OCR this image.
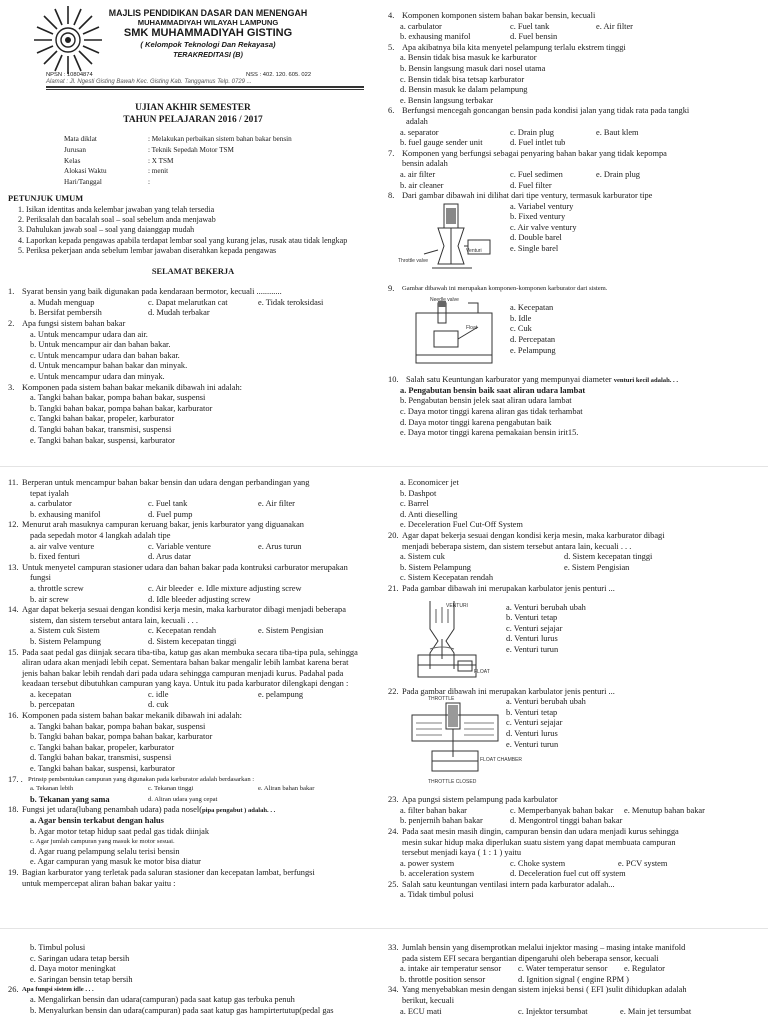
MAJLIS PENDIDIKAN DASAR DAN MENENGAH
MUHAMMADIYAH WILAYAH LAMPUNG
SMK MUHAMMADIYAH GISTING
( Kelompok Teknologi Dan Rekayasa)
TERAKREDITASI (B)
NPSN : 10804874	NSS : 402. 120. 605. 022
Alamat : Jl. Ngesti Gisting Bawah Kec. Gisting Kab. Tanggamus Telp. 0729 ...
UJIAN AKHIR SEMESTER
TAHUN PELAJARAN 2016 / 2017
Mata diklat	: Melakukan perbaikan sistem bahan bakar bensin
Jurusan	: Teknik Sepedah Motor TSM
Kelas	: X TSM
Alokasi Waktu	: menit
Hari/Tanggal	:
PETUNJUK UMUM
1. Isikan identitas anda kelembar jawaban yang telah tersedia
2. Periksalah dan bacalah soal – soal sebelum anda menjawab
3. Dahulukan jawab soal – soal yang daianggap mudah
4. Laporkan kepada pengawas apabila terdapat lembar soal yang kurang jelas, rusak atau tidak lengkap
5. Periksa pekerjaan anda sebelum lembar jawaban diserahkan kepada pengawas
SELAMAT BEKERJA
1. Syarat bensin yang baik digunakan pada kendaraan bermotor, kecuali ............
a. Mudah menguap	c. Dapat melarutkan cat	e. Tidak teroksidasi
b. Bersifat pembersih	d. Mudah terbakar
2. Apa fungsi sistem bahan bakar
a. Untuk mencampur udara dan air.
b. Untuk mencampur air dan bahan bakar.
c. Untuk mencampur udara dan bahan bakar.
d. Untuk mencampur bahan bakar dan minyak.
e. Untuk mencampur udara dan minyak.
3. Komponen pada sistem bahan bakar mekanik dibawah ini adalah:
a. Tangki bahan bakar, pompa bahan bakar, suspensi
b. Tangki bahan bakar, pompa bahan bakar, karburator
c. Tangki bahan bakar, propeler, karburator
d. Tangki bahan bakar, transmisi, suspensi
e. Tangki bahan bakar, suspensi, karburator
11. Berperan untuk mencampur bahan bakar bensin dan udara dengan perbandingan yang
tepat iyalah
a. carbulator	c. Fuel tank	e. Air filter
b. exhausing manifol	d. Fuel pump
12. Menurut arah masuknya campuran keruang bakar, jenis karburator yang diguanakan
pada sepedah motor 4 langkah adalah tipe
a. air valve venture	c. Variable venture	e. Arus turun
b. fixed fenturi	d. Arus datar
13. Untuk menyetel campuran stasioner udara dan bahan bakar pada kontruksi carburator merupakan
fungsi
a. throttle screw	c. Air bleeder e. Idle mixture adjusting screw
b. air screw	d. Idle bleeder adjusting screw
14. Agar dapat bekerja sesuai dengan kondisi kerja mesin, maka karburator dibagi menjadi beberapa
sistem, dan sistem tersebut antara lain, kecuali . . .
a. Sistem cuk Sistem	c. Kecepatan rendah	e. Sistem Pengisian
b. Sistem Pelampung	d. Sistem kecepatan tinggi
15. Pada saat pedal gas diinjak secara tiba-tiba, katup gas akan membuka secara tiba-tipa pula, sehingga
aliran udara akan menjadi lebih cepat. Sementara bahan bakar mengalir lebih lambat karena berat
jenis bahan bakar lebih rendah dari pada udara sehingga campuran menjadi kurus. Padahal pada
keadaan tersebut dibutuhkan campuran yang kaya. Untuk itu pada karburator dilengkapi dengan :
a. kecepatan	c. idle	e. pelampung
b. percepatan	d. cuk
16. Komponen pada sistem bahan bakar mekanik dibawah ini adalah:
a. Tangki bahan bakar, pompa bahan bakar, suspensi
b. Tangki bahan bakar, pompa bahan bakar, karburator
c. Tangki bahan bakar, propeler, karburator
d. Tangki bahan bakar, transmisi, suspensi
e. Tangki bahan bakar, suspensi, karburator
17. . Prinsip pembentukan campuran yang digunakan pada karburator adalah berdasarkan :
a. Tekanan lebih	c. Tekanan tinggi	e. Aliran bahan bakar
b. Tekanan yang sama	d. Aliran udara yang cepat
18. Fungsi jet udara(lubang penambah udara) pada nosel(pipa pengabut ) adalah. . .
a. Agar bensin terkabut dengan halus
b. Agar motor tetap hidup saat pedal gas tidak diinjak
c. Agar jumlah campuran yang masuk ke motor sesuai.
d. Agar ruang pelampung selalu terisi bensin
e. Agar campuran yang masuk ke motor bisa diatur
19. Bagian karburator yang terletak pada saluran stasioner dan kecepatan lambat, berfungsi
untuk mempercepat aliran bahan bakar yaitu :
b. Timbul polusi
c. Saringan udara tetap bersih
d. Daya motor meningkat
e. Saringan bensin tetap bersih
26. Apa fungsi sistem idle . . .
a. Mengalirkan bensin dan udara(campuran) pada saat katup gas terbuka penuh
b. Menyalurkan bensin dan udara(campuran) pada saat katup gas hampirtertutup(pedal gas
4. Komponen komponen sistem bahan bakar bensin, kecuali
a. carbulator	c. Fuel tank	e. Air filter
b. exhausing manifol	d. Fuel bensin
5. Apa akibatnya bila kita menyetel pelampung terlalu ekstrem tinggi
a. Bensin tidak bisa masuk ke karburator
b. Bensin langsung masuk dari nosel utama
c. Bensin tidak bisa tetsap karburator
d. Bensin masuk ke dalam pelampung
e. Bensin langsung terbakar
6. Berfungsi mencegah goncangan bensin pada kondisi jalan yang tidak rata pada tangki
adalah
a. separator	c. Drain plug	e. Baut klem
b. fuel gauge sender unit	d. Fuel intlet tub
7. Komponen yang berfungsi sebagai penyaring bahan bakar yang tidak kepompa
bensin adalah
a. air filter	c. Fuel sedimen	e. Drain plug
b. air cleaner	d. Fuel filter
8. Dari gambar dibawah ini dilihat dari tipe ventury, termasuk karburator tipe
Throttle valve
Venturi
a. Variabel ventury
b. Fixed ventury
c. Air valve ventury
d. Double barel
e. Single barel
9. Gambar dibawah ini merupakan komponen-komponen karburator dari sistem.
Needle valve
Float
a. Kecepatan
b. Idle
c. Cuk
d. Percepatan
e. Pelampung
10. Salah satu Keuntungan karburator yang mempunyai diameter venturi kecil adalah. . .
a. Pengabutan bensin baik saat aliran udara lambat
b. Pengabutan bensin jelek saat aliran udara lambat
c. Daya motor tinggi karena aliran gas tidak terhambat
d. Daya motor tinggi karena pengabutan baik
e. Daya motor tinggi karena pemakaian bensin irit15.
a. Economicer jet
b. Dashpot
c. Barrel
d. Anti dieselling
e. Deceleration Fuel Cut-Off System
20. Agar dapat bekerja sesuai dengan kondisi kerja mesin, maka karburator dibagi
menjadi beberapa sistem, dan sistem tersebut antara lain, kecuali . . .
a. Sistem cuk	d. Sistem kecepatan tinggi
b. Sistem Pelampung	e. Sistem Pengisian
c. Sistem Kecepatan rendah
21. Pada gambar dibawah ini merupakan karbulator jenis penturi ...
VENTURI
FLOAT
a. Venturi berubah ubah
b. Venturi tetap
c. Venturi sejajar
d. Venturi lurus
e. Venturi turun
22. Pada gambar dibawah ini merupakan karbulator jenis penturi ...
THROTTLE
FLOAT CHAMBER
THROTTLE CLOSED
a. Venturi berubah ubah
b. Venturi tetap
c. Venturi sejajar
d. Venturi lurus
e. Venturi turun
23. Apa pungsi sistem pelampung pada karbulator
a. filter bahan bakar	c. Memperbanyak bahan bakar e. Menutup bahan bakar
b. penjernih bahan bakar	d. Mengontrol tinggi bahan bakar
24. Pada saat mesin masih dingin, campuran bensin dan udara menjadi kurus sehingga
mesin sukar hidup maka diperlukan suatu sistem yang dapat membuata campuran
tersebut menjadi kaya ( 1 : 1 ) yaitu
a. power system	c. Choke system	e. PCV system
b. acceleration system	d. Deceleration fuel cut off system
25. Salah satu keuntungan ventilasi intern pada karburator adalah...
a. Tidak timbul polusi
33. Jumlah bensin yang disemprotkan melalui injektor masing – masing intake manifold
pada sistem EFI secara bergantian dipengaruhi oleh beberapa sensor, kecuali
a. intake air temperatur sensor c. Water temperatur sensor e. Regulator
b. throttle position sensor	d. Ignition signal ( engine RPM )
34. Yang menyebabkan mesin dengan sistem injeksi bensi ( EFI )sulit dihidupkan adalah
berikut, kecuali
a. ECU mati	c. Injektor tersumbat	e. Main jet tersumbat
